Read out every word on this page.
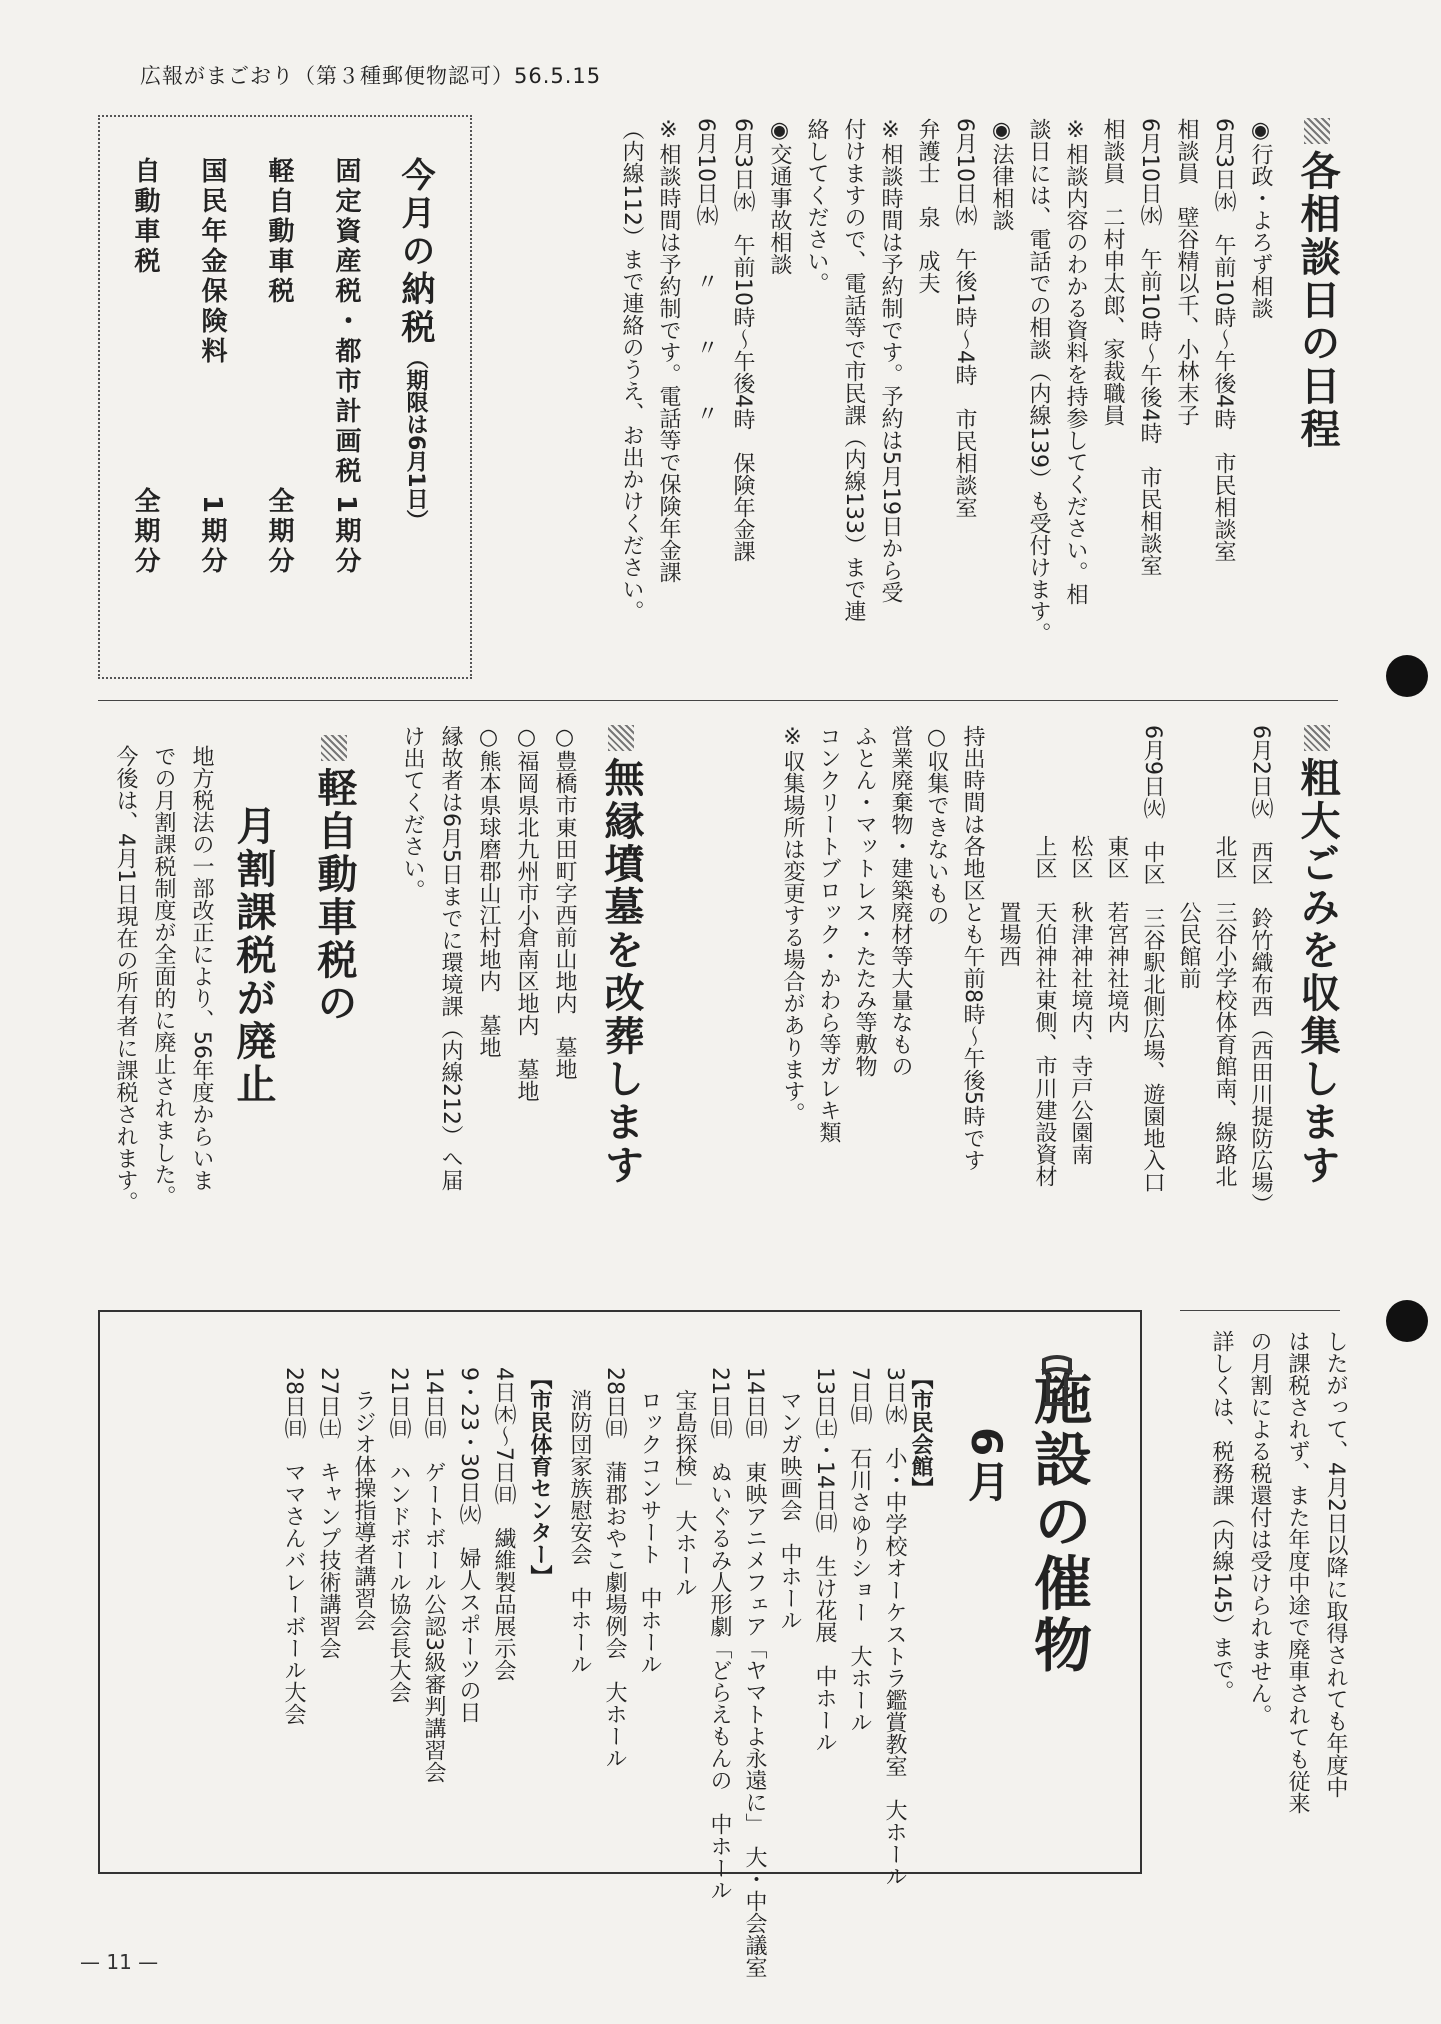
広報がまごおり（第３種郵便物認可）56.5.15
各相談日の日程
◉行政・よろず相談
6月3日㈬　午前10時〜午後4時　市民相談室
相談員　壁谷精以千、小林末子
6月10日㈬　午前10時〜午後4時　市民相談室
相談員　二村申太郎、家裁職員
※相談内容のわかる資料を持参してください。相
談日には、電話での相談（内線139）も受付けます。
◉法律相談
6月10日㈬　午後1時〜4時　市民相談室
弁護士　泉　成夫
※相談時間は予約制です。予約は5月19日から受
付けますので、電話等で市民課（内線133）まで連
絡してください。
◉交通事故相談
6月3日㈬　午前10時〜午後4時　保険年金課
6月10日㈬　　〃　　〃　　〃
※相談時間は予約制です。電話等で保険年金課
（内線112）まで連絡のうえ、お出かけください。
今月の納税（期限は6月1日）
固定資産税・都市計画税
1期分
軽自動車税
全期分
国民年金保険料
1期分
自動車税
全期分
粗大ごみを収集します
6月2日㈫　西区　鈴竹織布西（西田川提防広場）
　　　　　北区　三谷小学校体育館南、線路北
　　　　　　　　公民館前
6月9日㈫　中区　三谷駅北側広場、遊園地入口
　　　　　東区　若宮神社境内
　　　　　松区　秋津神社境内、寺戸公園南
　　　　　上区　天伯神社東側、市川建設資材
　　　　　　　　置場西
持出時間は各地区とも午前8時〜午後5時です
○収集できないもの
営業廃棄物・建築廃材等大量なもの
ふとん・マットレス・たたみ等敷物
コンクリートブロック・かわら等ガレキ類
※収集場所は変更する場合があります。
無縁墳墓を改葬します
○豊橋市東田町字西前山地内　墓地
○福岡県北九州市小倉南区地内　墓地
○熊本県球磨郡山江村地内　墓地
縁故者は6月5日までに環境課（内線212）へ届
け出てください。
軽自動車税の
月割課税が廃止
地方税法の一部改正により、56年度からいま
での月割課税制度が全面的に廃止されました。
今後は、4月1日現在の所有者に課税されます。
したがって、4月2日以降に取得されても年度中
は課税されず、また年度中途で廃車されても従来
の月割による税還付は受けられません。
詳しくは、税務課（内線145）まで。
施設の催物
6月
【市民会館】
3日㈬　小・中学校オーケストラ鑑賞教室　大ホール
7日㈰　石川さゆりショー　大ホール
13日㈯・14日㈰　生け花展　中ホール
　マンガ映画会　中ホール
14日㈰　東映アニメフェア「ヤマトよ永遠に」　大・中会議室
21日㈰　ぬいぐるみ人形劇「どらえもんの　中ホール
　宝島探検」　大ホール
　ロックコンサート　中ホール
28日㈰　蒲郡おやこ劇場例会　大ホール
　消防団家族慰安会　中ホール
【市民体育センター】
4日㈭〜7日㈰　繊維製品展示会
9・23・30日㈫　婦人スポーツの日
14日㈰　ゲートボール公認3級審判講習会
21日㈰　ハンドボール協会長大会
　ラジオ体操指導者講習会
27日㈯　キャンプ技術講習会
28日㈰　ママさんバレーボール大会
— 11 —
